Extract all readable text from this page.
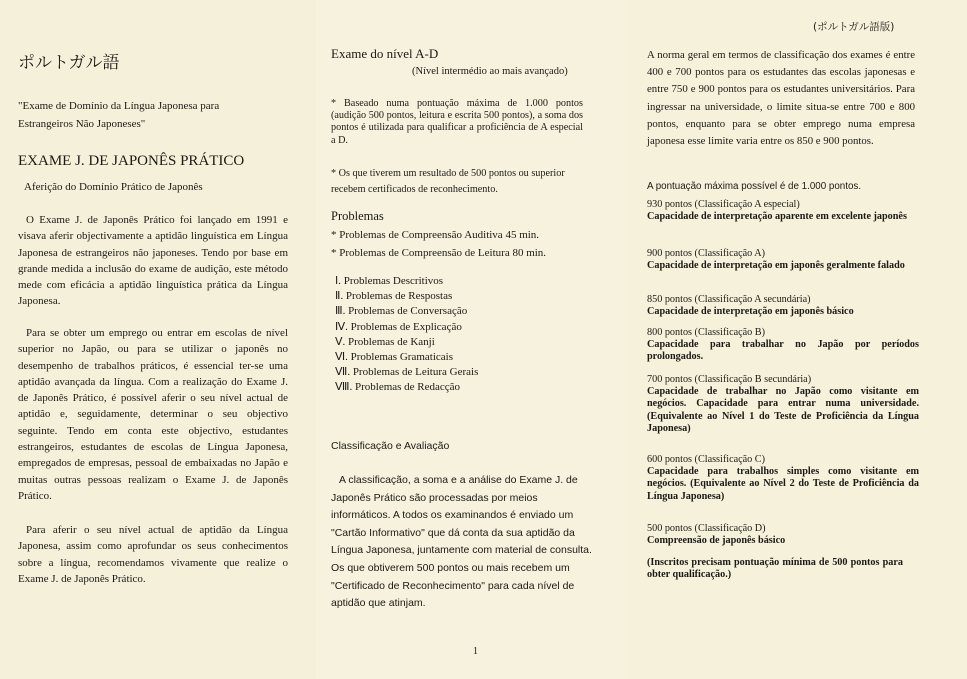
ポルトガル語
"Exame de Domínio da Língua Japonesa para
Estrangeiros Não Japoneses"
EXAME J. DE JAPONÊS PRÁTICO
Aferição do Domínio Prático de Japonês
O Exame J. de Japonês Prático foi lançado em 1991 e visava aferir objectivamente a aptidão linguística em Língua Japonesa de estrangeiros não japoneses. Tendo por base em grande medida a inclusão do exame de audição, este método mede com eficácia a aptidão linguística prática da Língua Japonesa.
Para se obter um emprego ou entrar em escolas de nível superior no Japão, ou para se utilizar o japonês no desempenho de trabalhos práticos, é essencial ter-se uma aptidão avançada da língua. Com a realização do Exame J. de Japonês Prático, é possível aferir o seu nível actual de aptidão e, seguidamente, determinar o seu objectivo seguinte. Tendo em conta este objectivo, estudantes estrangeiros, estudantes de escolas de Língua Japonesa, empregados de empresas, pessoal de embaixadas no Japão e muitas outras pessoas realizam o Exame J. de Japonês Prático.
Para aferir o seu nível actual de aptidão da Língua Japonesa, assim como aprofundar os seus conhecimentos sobre a língua, recomendamos vivamente que realize o Exame J. de Japonês Prático.
Exame do nível A-D
(Nível intermédio ao mais avançado)
* Baseado numa pontuação máxima de 1.000 pontos (audição 500 pontos, leitura e escrita 500 pontos), a soma dos pontos é utilizada para qualificar a proficiência de A especial a D.
* Os que tiverem um resultado de 500 pontos ou superior recebem certificados de reconhecimento.
Problemas
* Problemas de Compreensão Auditiva 45 min.
* Problemas de Compreensão de Leitura 80 min.
Ⅰ. Problemas Descritivos
Ⅱ. Problemas de Respostas
Ⅲ. Problemas de Conversação
Ⅳ. Problemas de Explicação
Ⅴ. Problemas de Kanji
Ⅵ. Problemas Gramaticais
Ⅶ. Problemas de Leitura Gerais
Ⅷ. Problemas de Redacção
Classificação e Avaliação
A classificação, a soma e a análise do Exame J. de Japonês Prático são processadas por meios informáticos. A todos os examinandos é enviado um "Cartão Informativo" que dá conta da sua aptidão da Língua Japonesa, juntamente com material de consulta. Os que obtiverem 500 pontos ou mais recebem um "Certificado de Reconhecimento" para cada nível de aptidão que atinjam.
1
(ポルトガル語版)
A norma geral em termos de classificação dos exames é entre 400 e 700 pontos para os estudantes das escolas japonesas e entre 750 e 900 pontos para os estudantes universitários. Para ingressar na universidade, o limite situa-se entre 700 e 800 pontos, enquanto para se obter emprego numa empresa japonesa esse limite varia entre os 850 e 900 pontos.
A pontuação máxima possível é de 1.000 pontos.
930 pontos (Classificação A especial)
Capacidade de interpretação aparente em excelente japonês
900 pontos (Classificação A)
Capacidade de interpretação em japonês geralmente falado
850 pontos (Classificação A secundária)
Capacidade de interpretação em japonês básico
800 pontos (Classificação B)
Capacidade para trabalhar no Japão por períodos prolongados.
700 pontos (Classificação B secundária)
Capacidade de trabalhar no Japão como visitante em negócios. Capacidade para entrar numa universidade. (Equivalente ao Nível 1 do Teste de Proficiência da Língua Japonesa)
600 pontos (Classificação C)
Capacidade para trabalhos simples como visitante em negócios. (Equivalente ao Nível 2 do Teste de Proficiência da Língua Japonesa)
500 pontos (Classificação D)
Compreensão de japonês básico
(Inscritos precisam pontuação mínima de 500 pontos para obter qualificação.)
